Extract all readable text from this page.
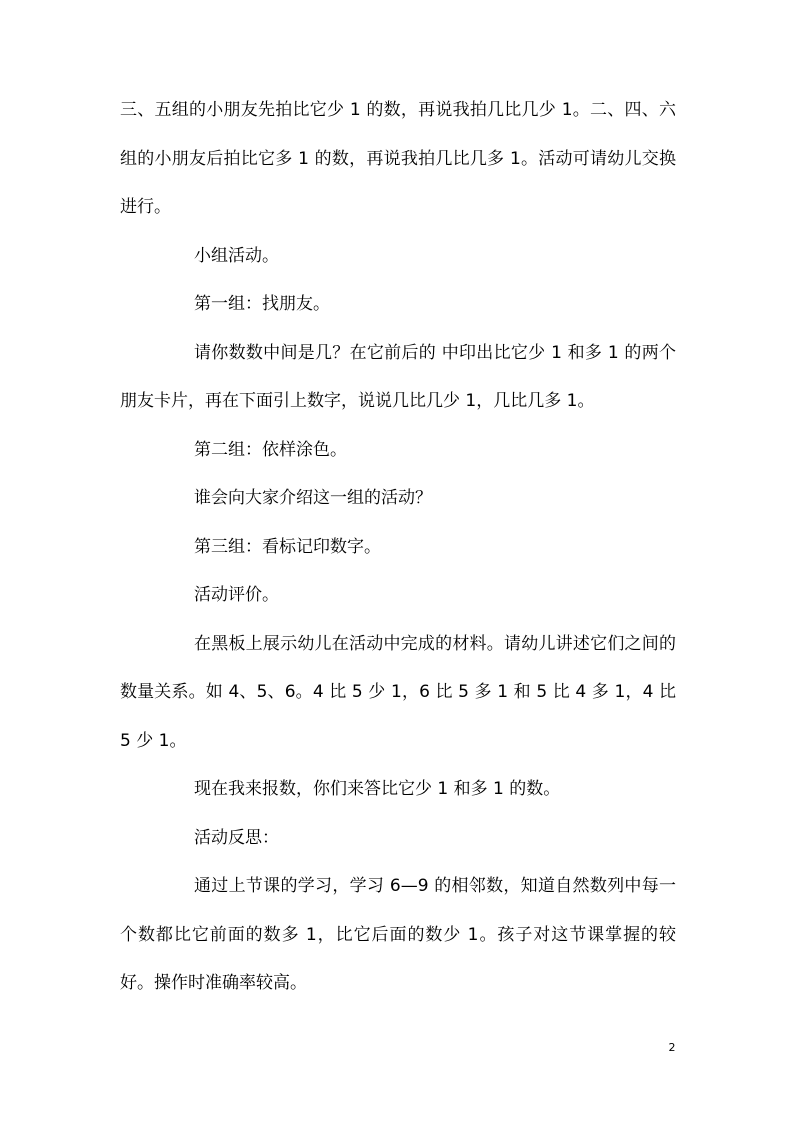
三、五组的小朋友先拍比它少 1 的数，再说我拍几比几少 1。二、四、六组的小朋友后拍比它多 1 的数，再说我拍几比几多 1。活动可请幼儿交换进行。

小组活动。

第一组：找朋友。

请你数数中间是几？在它前后的 中印出比它少 1 和多 1 的两个朋友卡片，再在下面引上数字，说说几比几少 1，几比几多 1。

第二组：依样涂色。

谁会向大家介绍这一组的活动？

第三组：看标记印数字。

活动评价。

在黑板上展示幼儿在活动中完成的材料。请幼儿讲述它们之间的数量关系。如 4、5、6。4 比 5 少 1，6 比 5 多 1 和 5 比 4 多 1，4 比 5 少 1。

现在我来报数，你们来答比它少 1 和多 1 的数。

活动反思：

通过上节课的学习，学习 6—9 的相邻数，知道自然数列中每一个数都比它前面的数多 1，比它后面的数少 1。孩子对这节课掌握的较好。操作时准确率较高。

2
